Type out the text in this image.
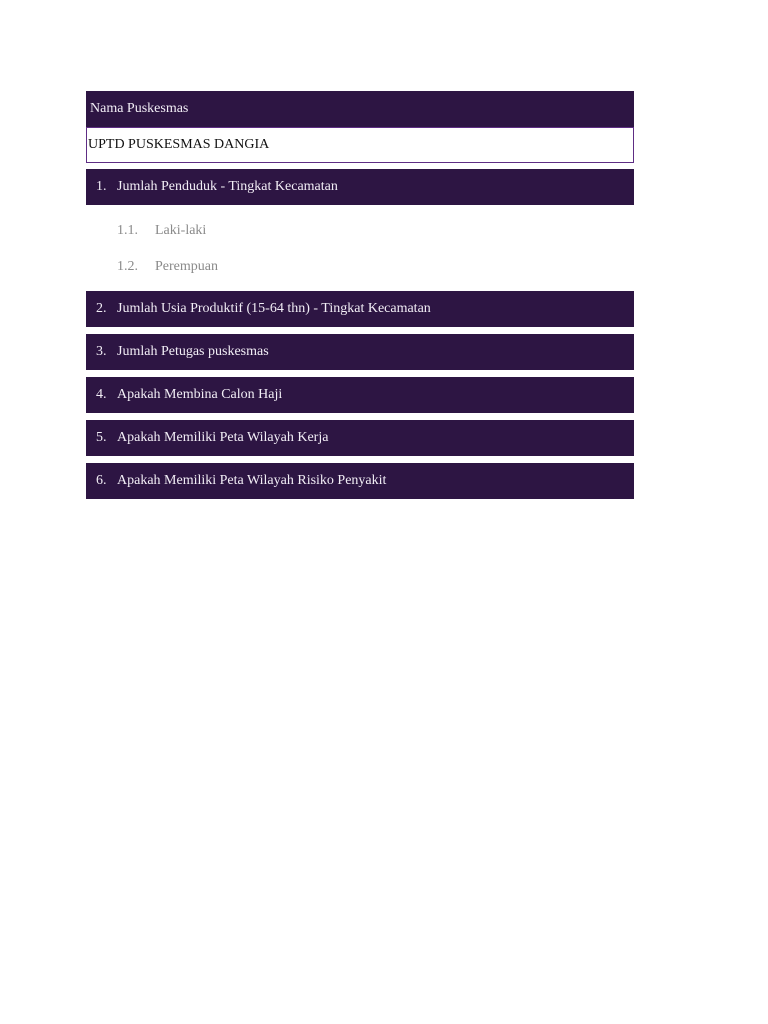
Nama Puskesmas
UPTD PUSKESMAS DANGIA
1. Jumlah Penduduk - Tingkat Kecamatan
1.1.	Laki-laki
1.2.	Perempuan
2. Jumlah Usia Produktif (15-64 thn) - Tingkat Kecamatan
3. Jumlah Petugas puskesmas
4. Apakah Membina Calon Haji
5. Apakah Memiliki Peta Wilayah Kerja
6. Apakah Memiliki Peta Wilayah Risiko Penyakit
